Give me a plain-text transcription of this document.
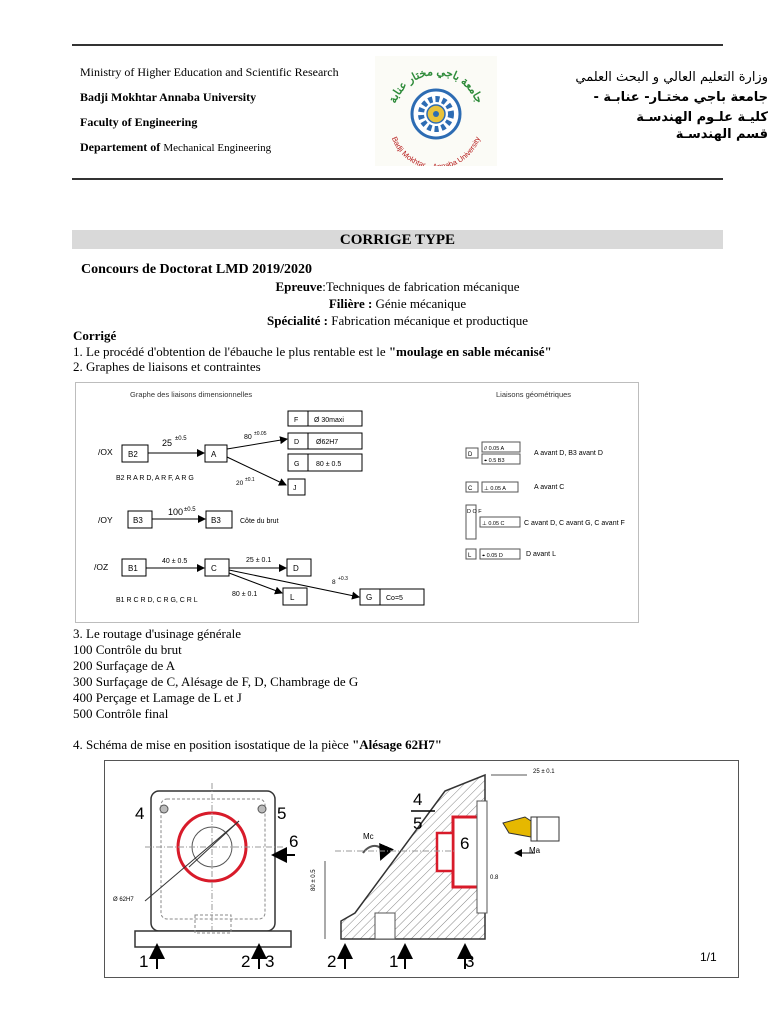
Ministry of Higher Education and Scientific Research
Badji Mokhtar Annaba University
Faculty of Engineering
Departement of Mechanical Engineering
جامعة باجي مختار عنابة
Badji Mokhtar – naba University
وزارة التعليم العالي و البحث العلمي
جامعة باجي مختـار- عنابـة -
كليـة علـوم الهندسـة
قسم الهندسـة
CORRIGE TYPE
Concours de Doctorat LMD 2019/2020
Epreuve:Techniques de fabrication mécanique
Filière : Génie mécanique
Spécialité : Fabrication mécanique et productique
Corrigé
1. Le procédé d'obtention de l'ébauche le plus rentable est le "moulage en sable mécanisé"
2. Graphes de liaisons et contraintes
Graphe des liaisons dimensionnelles	Liaisons géométriques
/OX B2
25 ±0.5
A
80 ±0.05
20 ±0.1
F Ø 30maxi
D Ø62H7
G 80 ± 0.5
J
B2 R A R D, A R F, A R G
/OY	B3
100 ±0.5
B3	Côte du brut
/OZ B1
40 ± 0.5
C
25 ± 0.1
D
80 ± 0.1	L
8 +0.3
G Co=5
B1 R C R D, C R G, C R L
D
// 0.05 A
⌖ 0.5 B3
A avant D, B3 avant D
C ⊥ 0.05 A	A avant C
D O F
⊥ 0.05 C	C avant D, C avant G, C avant F
L ⌖ 0.05 D	D avant L
3. Le routage d'usinage générale
100 Contrôle du brut
200 Surfaçage de A
300 Surfaçage de C, Alésage de F, D, Chambrage de G
400 Perçage et Lamage de L et J
500 Contrôle final
4. Schéma de mise en position isostatique de la pièce "Alésage 62H7"
Ø 62H7
4	5
6
1	2 3
25 ± 0.1
80 ± 0.5	0.8
4
5
6
Mc
Ma
2	1	3	1/1
